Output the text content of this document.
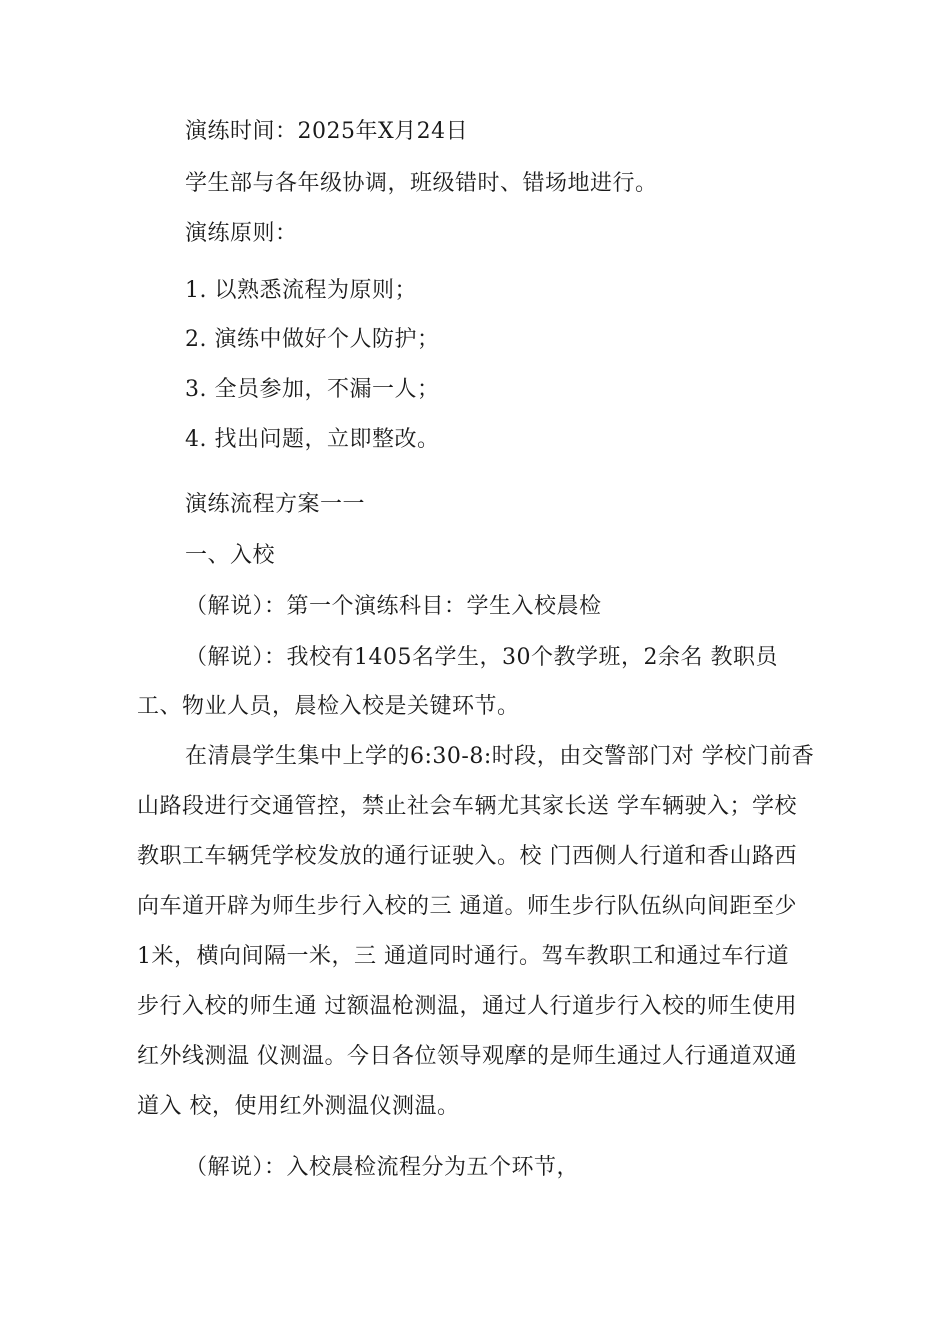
演练时间：2025年X月24日
学生部与各年级协调，班级错时、错场地进行。
演练原则：
1. 以熟悉流程为原则；
2. 演练中做好个人防护；
3. 全员参加，不漏一人；
4. 找出问题，立即整改。
演练流程方案一一
一、入校
（解说）：第一个演练科目：学生入校晨检
（解说）：我校有1405名学生，30个教学班，2余名 教职员
工、物业人员，晨检入校是关键环节。
在清晨学生集中上学的6:30-8:时段，由交警部门对 学校门前香
山路段进行交通管控，禁止社会车辆尤其家长送 学车辆驶入；学校
教职工车辆凭学校发放的通行证驶入。校 门西侧人行道和香山路西
向车道开辟为师生步行入校的三 通道。师生步行队伍纵向间距至少
1米，横向间隔一米，三 通道同时通行。驾车教职工和通过车行道
步行入校的师生通 过额温枪测温，通过人行道步行入校的师生使用
红外线测温 仪测温。今日各位领导观摩的是师生通过人行通道双通
道入 校，使用红外测温仪测温。
（解说）：入校晨检流程分为五个环节，
